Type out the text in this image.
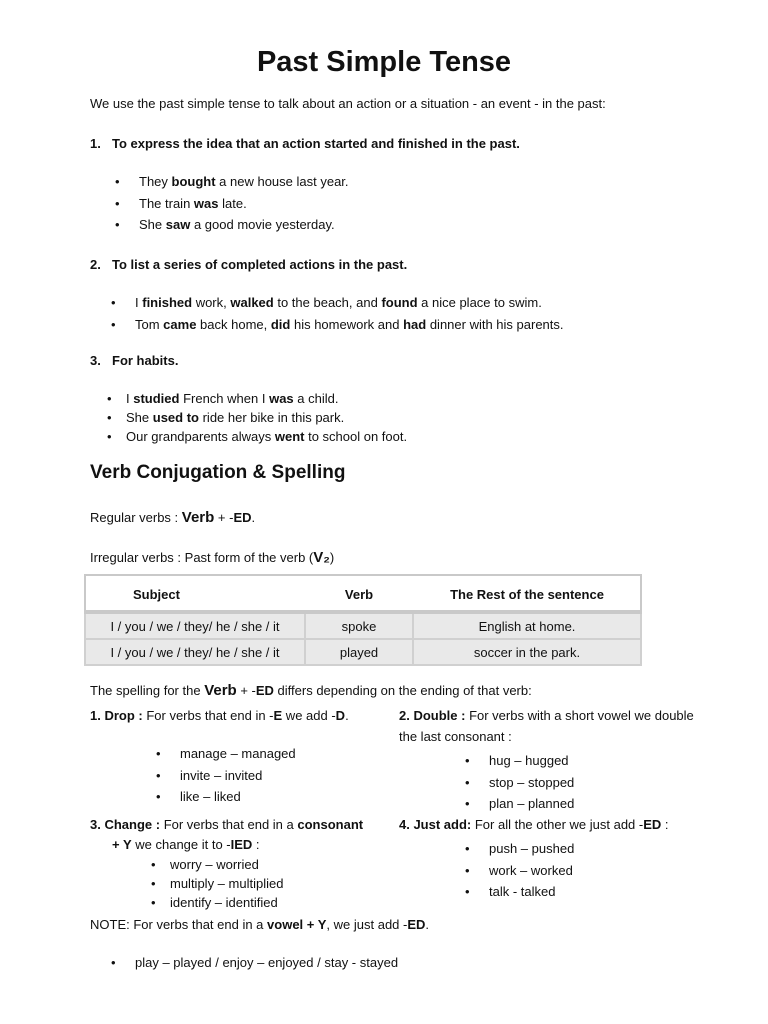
Past Simple Tense
We use the past simple tense to talk about an action or a situation - an event - in the past:
1. To express the idea that an action started and finished in the past.
• They bought a new house last year.
• The train was late.
• She saw a good movie yesterday.
2. To list a series of completed actions in the past.
• I finished work, walked to the beach, and found a nice place to swim.
• Tom came back home, did his homework and had dinner with his parents.
3. For habits.
• I studied French when I was a child.
• She used to ride her bike in this park.
• Our grandparents always went to school on foot.
Verb Conjugation & Spelling
Regular verbs : Verb + -ED.
Irregular verbs : Past form of the verb (V₂)
Subject	Verb	The Rest of the sentence
I / you / we / they/ he / she / it	spoke	English at home.
I / you / we / they/ he / she / it	played	soccer in the park.
The spelling for the Verb + -ED differs depending on the ending of that verb:
1. Drop : For verbs that end in -E we add -D.
• manage – managed
• invite – invited
• like – liked
2. Double : For verbs with a short vowel we double
the last consonant :
• hug – hugged
• stop – stopped
• plan – planned
3. Change : For verbs that end in a consonant
+ Y we change it to -IED :
• worry – worried
• multiply – multiplied
• identify – identified
4. Just add: For all the other we just add -ED :
• push – pushed
• work – worked
• talk - talked
NOTE: For verbs that end in a vowel + Y, we just add -ED.
• play – played / enjoy – enjoyed / stay - stayed
